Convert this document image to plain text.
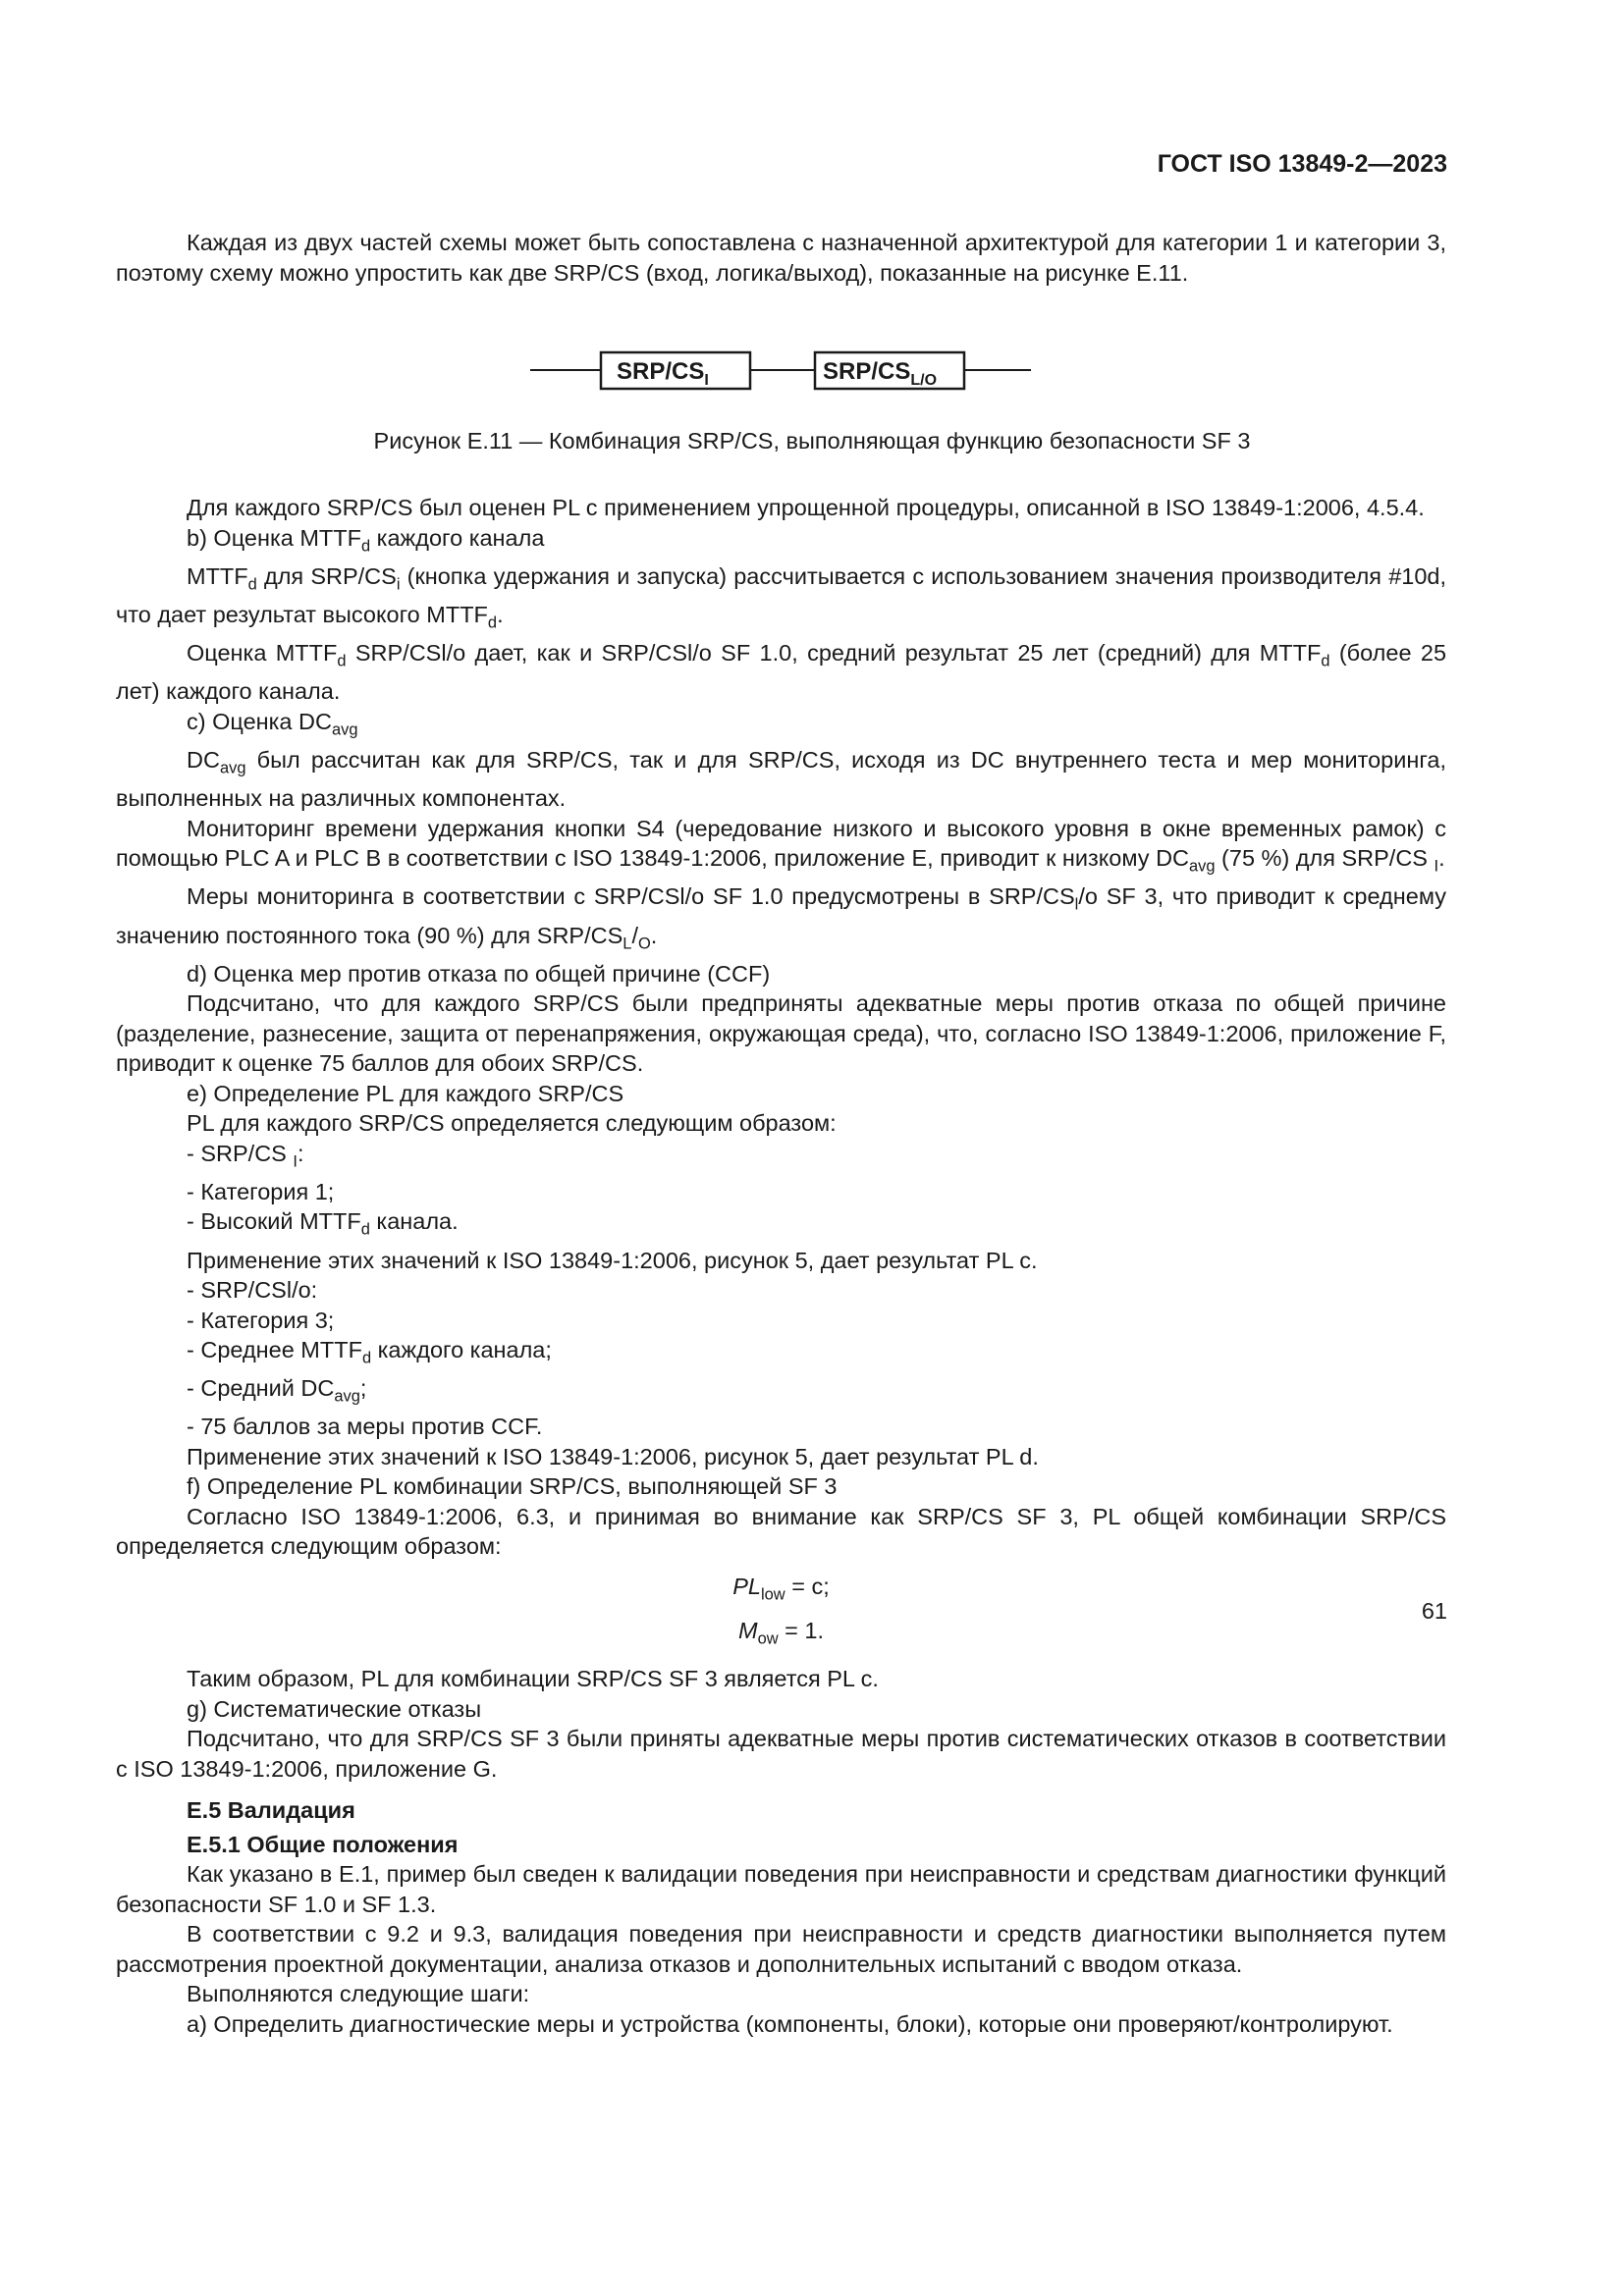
ГОСТ ISO 13849-2—2023

Каждая из двух частей схемы может быть сопоставлена с назначенной архитектурой для категории 1 и категории 3, поэтому схему можно упростить как две SRP/CS (вход, логика/выход), показанные на рисунке Е.11.

SRP/$CS_I$	SRP/$CS_{L/O}$
Рисунок Е.11 — Комбинация SRP/CS, выполняющая функцию безопасности SF 3

Для каждого SRP/CS был оценен PL с применением упрощенной процедуры, описанной в ISO 13849-1:2006, 4.5.4.

b) Оценка $MTTF_d$ каждого канала

$MTTF_d$ для SRP/$CS_i$ (кнопка удержания и запуска) рассчитывается с использованием значения производителя #10d, что дает результат высокого $MTTF_d$.

Оценка $MTTF_d$ SRP/CSl/o дает, как и SRP/CSl/o SF 1.0, средний результат 25 лет (средний) для $MTTF_d$ (более 25 лет) каждого канала.

c) Оценка $DC_{avg}$

$DC_{avg}$ был рассчитан как для SRP/CS, так и для SRP/CS, исходя из DC внутреннего теста и мер мониторинга, выполненных на различных компонентах.

Мониторинг времени удержания кнопки S4 (чередование низкого и высокого уровня в окне временных рамок) с помощью PLC A и PLC B в соответствии с ISO 13849-1:2006, приложение E, приводит к низкому $DC_{avg}$ (75 %) для SRP/CS $_I$.

Меры мониторинга в соответствии с SRP/CSl/o SF 1.0 предусмотрены в SRP/$CS_l/o$ SF 3, что приводит к среднему значению постоянного тока (90 %) для SRP/$CS_L/_O$.

d) Оценка мер против отказа по общей причине (CCF)

Подсчитано, что для каждого SRP/CS были предприняты адекватные меры против отказа по общей причине (разделение, разнесение, защита от перенапряжения, окружающая среда), что, согласно ISO 13849-1:2006, приложение F, приводит к оценке 75 баллов для обоих SRP/CS.

e) Определение PL для каждого SRP/CS

PL для каждого SRP/CS определяется следующим образом:

- SRP/CS $_I$:

- Категория 1;

- Высокий $MTTF_d$ канала.

Применение этих значений к ISO 13849-1:2006, рисунок 5, дает результат PL c.

- SRP/CSl/o:

- Категория 3;

- Среднее $MTTF_d$ каждого канала;

- Средний $DC_{avg}$;

- 75 баллов за меры против CCF.

Применение этих значений к ISO 13849-1:2006, рисунок 5, дает результат PL d.

f) Определение PL комбинации SRP/CS, выполняющей SF 3

Согласно ISO 13849-1:2006, 6.3, и принимая во внимание как SRP/CS SF 3, PL общей комбинации SRP/CS определяется следующим образом:

$PL_{low} = c$;

$M_{ow} = 1$.

Таким образом, PL для комбинации SRP/CS SF 3 является PL c.

g) Систематические отказы

Подсчитано, что для SRP/CS SF 3 были приняты адекватные меры против систематических отказов в соответствии с ISO 13849-1:2006, приложение G.

Е.5 Валидация

Е.5.1 Общие положения

Как указано в Е.1, пример был сведен к валидации поведения при неисправности и средствам диагностики функций безопасности SF 1.0 и SF 1.3.

В соответствии с 9.2 и 9.3, валидация поведения при неисправности и средств диагностики выполняется путем рассмотрения проектной документации, анализа отказов и дополнительных испытаний с вводом отказа.

Выполняются следующие шаги:

a) Определить диагностические меры и устройства (компоненты, блоки), которые они проверяют/контролируют.

61
